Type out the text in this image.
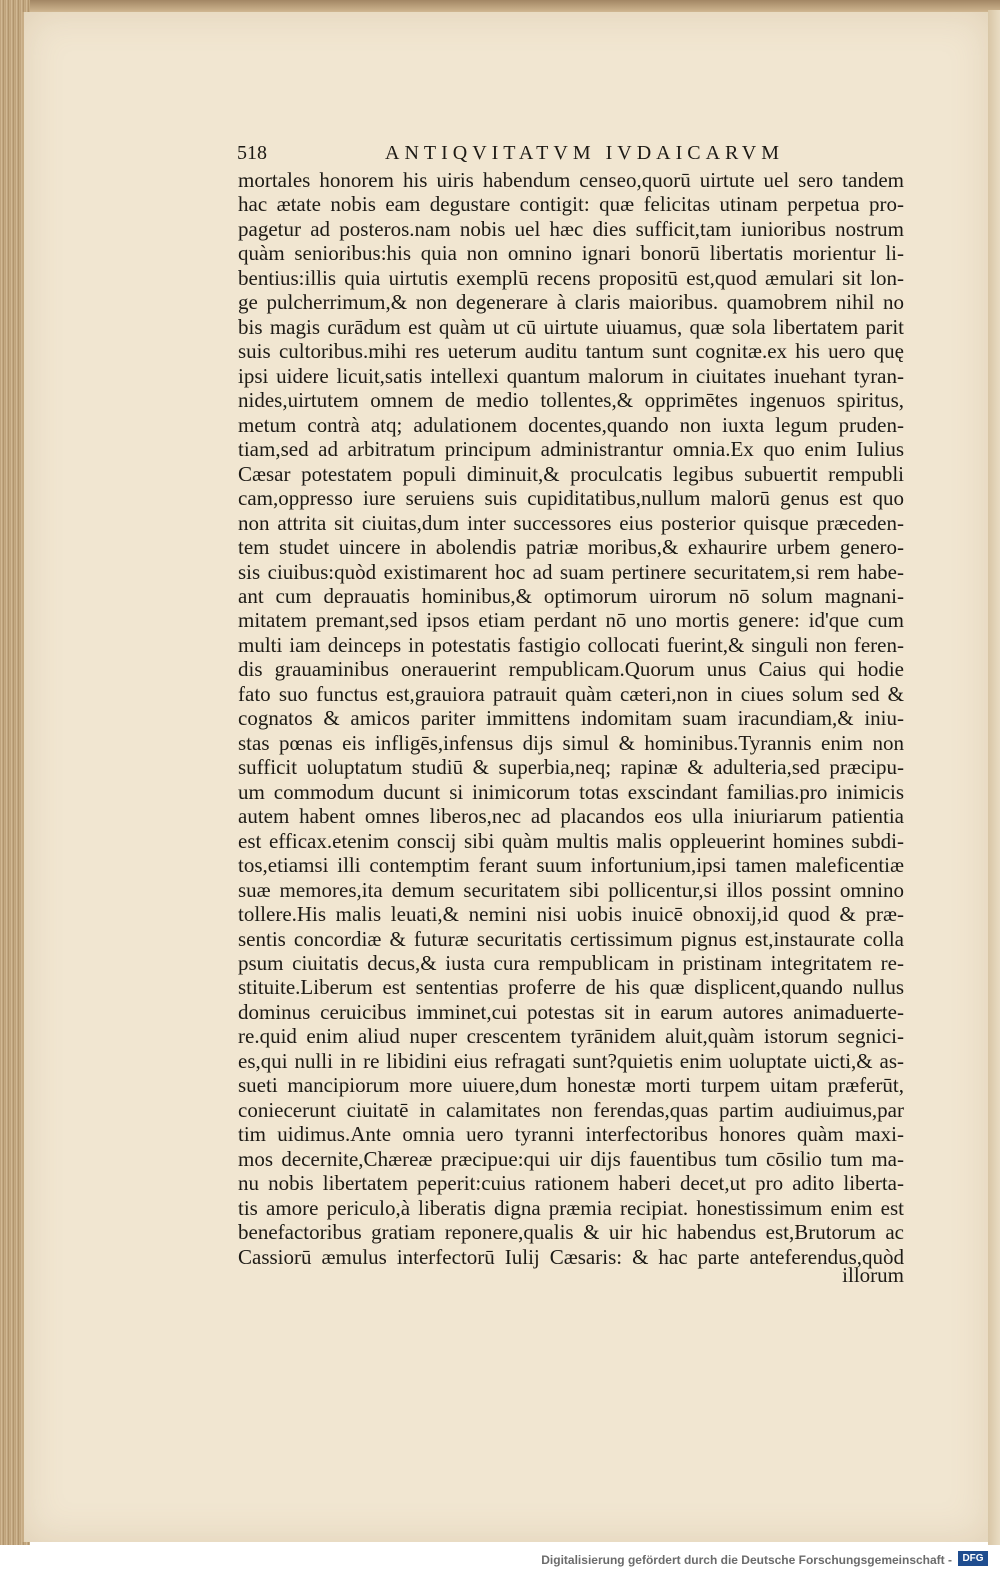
518	ANTIQVITATVM IVDAICARVM
mortales honorem his uiris habendum censeo,quorū uirtute uel sero tandem
hac ætate nobis eam degustare contigit: quæ felicitas utinam perpetua pro-
pagetur ad posteros.nam nobis uel hæc dies sufficit,tam iunioribus nostrum
quàm senioribus:his quia non omnino ignari bonorū libertatis morientur li-
bentius:illis quia uirtutis exemplū recens propositū est,quod æmulari sit lon-
ge pulcherrimum,& non degenerare à claris maioribus. quamobrem nihil no
bis magis curādum est quàm ut cū uirtute uiuamus, quæ sola libertatem parit
suis cultoribus.mihi res ueterum auditu tantum sunt cognitæ.ex his uero quę
ipsi uidere licuit,satis intellexi quantum malorum in ciuitates inuehant tyran-
nides,uirtutem omnem de medio tollentes,& opprimētes ingenuos spiritus,
metum contrà atq; adulationem docentes,quando non iuxta legum pruden-
tiam,sed ad arbitratum principum administrantur omnia.Ex quo enim Iulius
Cæsar potestatem populi diminuit,& proculcatis legibus subuertit rempubli
cam,oppresso iure seruiens suis cupiditatibus,nullum malorū genus est quo
non attrita sit ciuitas,dum inter successores eius posterior quisque præceden-
tem studet uincere in abolendis patriæ moribus,& exhaurire urbem genero-
sis ciuibus:quòd existimarent hoc ad suam pertinere securitatem,si rem habe-
ant cum deprauatis hominibus,& optimorum uirorum nō solum magnani-
mitatem premant,sed ipsos etiam perdant nō uno mortis genere: id'que cum
multi iam deinceps in potestatis fastigio collocati fuerint,& singuli non feren-
dis grauaminibus onerauerint rempublicam.Quorum unus Caius qui hodie
fato suo functus est,grauiora patrauit quàm cæteri,non in ciues solum sed &
cognatos & amicos pariter immittens indomitam suam iracundiam,& iniu-
stas pœnas eis infligēs,infensus dijs simul & hominibus.Tyrannis enim non
sufficit uoluptatum studiū & superbia,neq; rapinæ & adulteria,sed præcipu-
um commodum ducunt si inimicorum totas exscindant familias.pro inimicis
autem habent omnes liberos,nec ad placandos eos ulla iniuriarum patientia
est efficax.etenim conscij sibi quàm multis malis oppleuerint homines subdi-
tos,etiamsi illi contemptim ferant suum infortunium,ipsi tamen maleficentiæ
suæ memores,ita demum securitatem sibi pollicentur,si illos possint omnino
tollere.His malis leuati,& nemini nisi uobis inuicē obnoxij,id quod & præ-
sentis concordiæ & futuræ securitatis certissimum pignus est,instaurate colla
psum ciuitatis decus,& iusta cura rempublicam in pristinam integritatem re-
stituite.Liberum est sententias proferre de his quæ displicent,quando nullus
dominus ceruicibus imminet,cui potestas sit in earum autores animaduerte-
re.quid enim aliud nuper crescentem tyrānidem aluit,quàm istorum segnici-
es,qui nulli in re libidini eius refragati sunt?quietis enim uoluptate uicti,& as-
sueti mancipiorum more uiuere,dum honestæ morti turpem uitam præferūt,
coniecerunt ciuitatē in calamitates non ferendas,quas partim audiuimus,par
tim uidimus.Ante omnia uero tyranni interfectoribus honores quàm maxi-
mos decernite,Chæreæ præcipue:qui uir dijs fauentibus tum cōsilio tum ma-
nu nobis libertatem peperit:cuius rationem haberi decet,ut pro adito liberta-
tis amore periculo,à liberatis digna præmia recipiat. honestissimum enim est
benefactoribus gratiam reponere,qualis & uir hic habendus est,Brutorum ac
Cassiorū æmulus interfectorū Iulij Cæsaris: & hac parte anteferendus,quòd
illorum
Digitalisierung gefördert durch die Deutsche Forschungsgemeinschaft -	DFG
